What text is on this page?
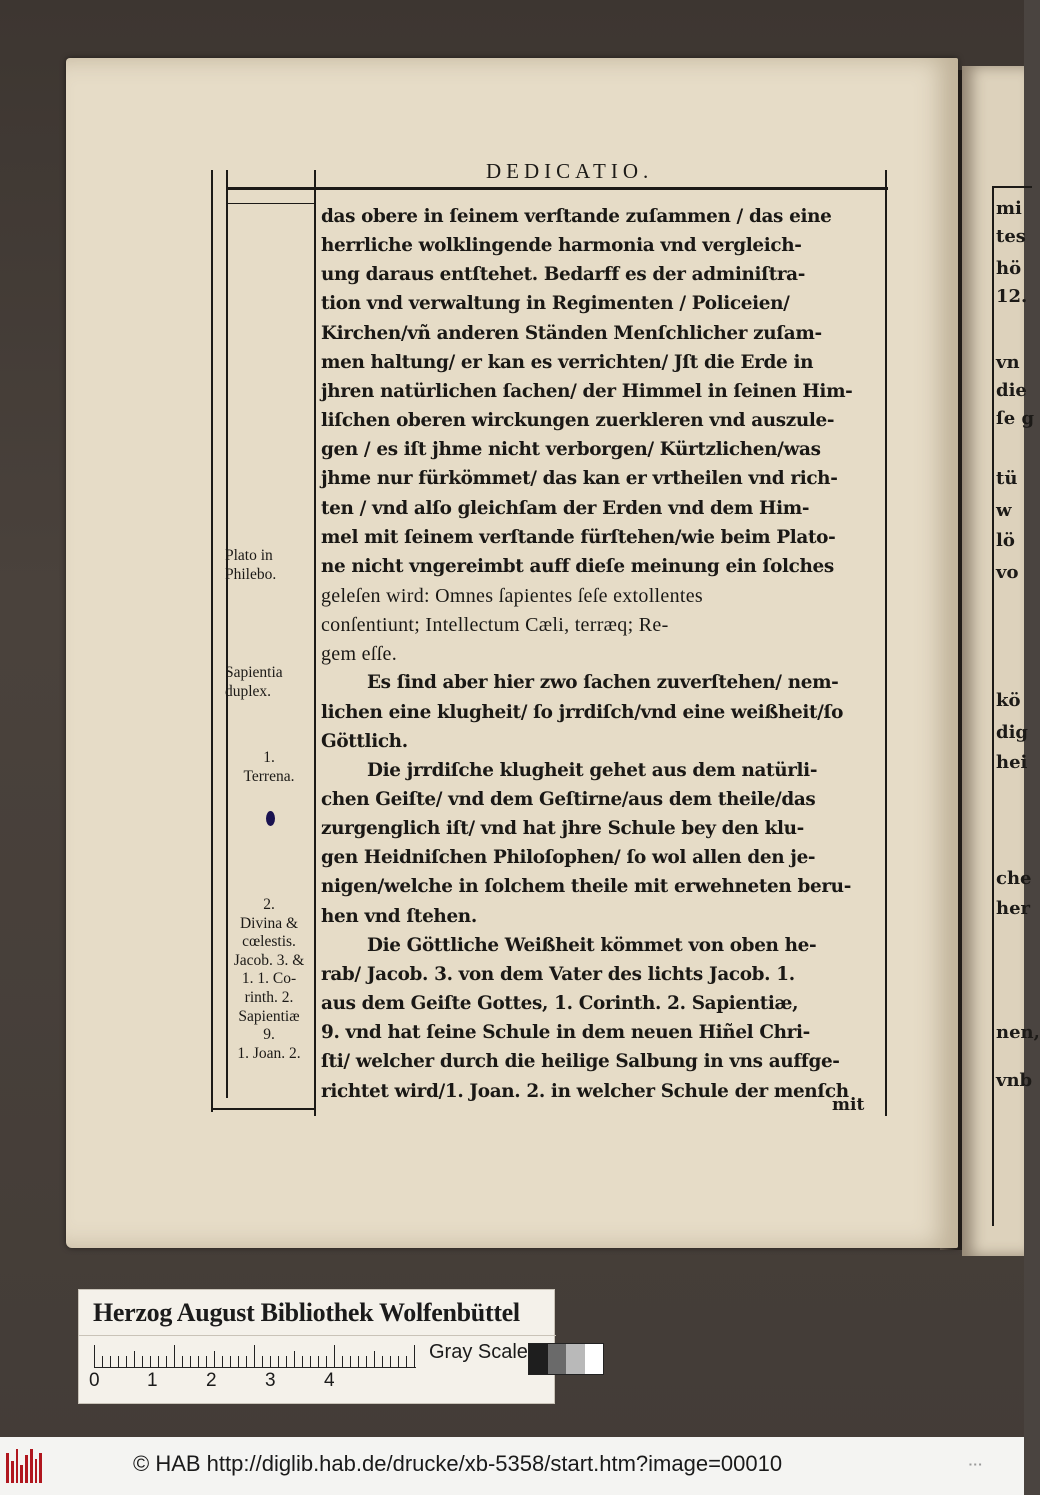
mi
tes
hö
12.
vn
die
ſe g
tü
w
lö
vo
kö
dig
hei
che
her
nen,
vnb
DEDICATIO.
Plato in
Philebo.
Sapientia
duplex.
1.
Terrena.
2.
Divina &
cœlestis.
Jacob. 3. &
1. 1. Co-
rinth. 2.
Sapientiæ
9.
1. Joan. 2.
das obere in ſeinem verſtande zuſammen / das eine
herrliche wolklingende harmonia vnd vergleich-
ung daraus entſtehet. Bedarff es der adminiſtra-
tion vnd verwaltung in Regimenten / Policeien/
Kirchen/vñ anderen Ständen Menſchlicher zuſam-
men haltung/ er kan es verrichten/ Jſt die Erde in
jhren natürlichen ſachen/ der Himmel in ſeinen Him-
liſchen oberen wirckungen zuerkleren vnd auszule-
gen / es iſt jhme nicht verborgen/ Kürtzlichen/was
jhme nur fürkömmet/ das kan er vrtheilen vnd rich-
ten / vnd alſo gleichſam der Erden vnd dem Him-
mel mit ſeinem verſtande fürſtehen/wie beim Plato-
ne nicht vngereimbt auff dieſe meinung ein ſolches
geleſen wird: Omnes ſapientes ſeſe extollentes
conſentiunt; Intellectum Cæli, terræq; Re-
gem eſſe.
Es ſind aber hier zwo ſachen zuverſtehen/ nem-
lichen eine klugheit/ ſo jrrdiſch/vnd eine weißheit/ſo
Göttlich.
Die jrrdiſche klugheit gehet aus dem natürli-
chen Geiſte/ vnd dem Geſtirne/aus dem theile/das
zurgenglich iſt/ vnd hat jhre Schule bey den klu-
gen Heidniſchen Philoſophen/ ſo wol allen den je-
nigen/welche in ſolchem theile mit erwehneten beru-
hen vnd ſtehen.
Die Göttliche Weißheit kömmet von oben he-
rab/ Jacob. 3. von dem Vater des lichts Jacob. 1.
aus dem Geiſte Gottes, 1. Corinth. 2. Sapientiæ,
9. vnd hat ſeine Schule in dem neuen Hiñel Chri-
ſti/ welcher durch die heilige Salbung in vns auffge-
richtet wird/1. Joan. 2. in welcher Schule der menſch
mit
Herzog August Bibliothek Wolfenbüttel
0 1	2	3	4
Gray Scale
© HAB http://diglib.hab.de/drucke/xb-5358/start.htm?image=00010	▪▪▪
